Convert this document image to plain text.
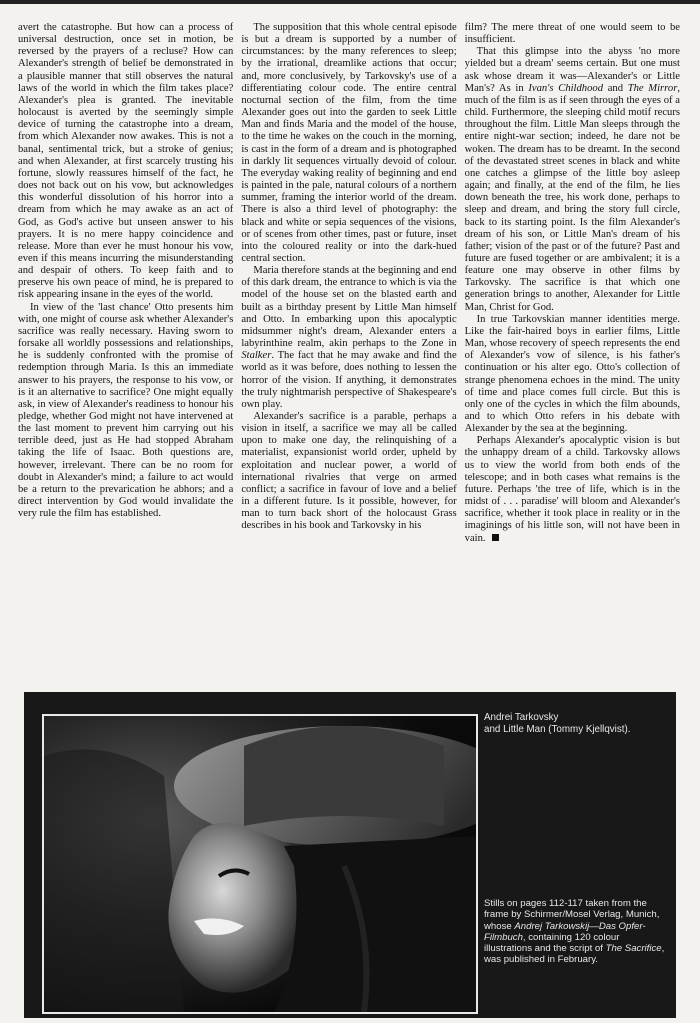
avert the catastrophe. But how can a process of universal destruction, once set in motion, be reversed by the prayers of a recluse? How can Alexander's strength of belief be demonstrated in a plausible manner that still observes the natural laws of the world in which the film takes place? Alexander's plea is granted. The inevitable holocaust is averted by the seemingly simple device of turning the catastrophe into a dream, from which Alexander now awakes. This is not a banal, sentimental trick, but a stroke of genius; and when Alexander, at first scarcely trusting his fortune, slowly reassures himself of the fact, he does not back out on his vow, but acknowledges this wonderful dissolution of his horror into a dream from which he may awake as an act of God, as God's active but unseen answer to his prayers. It is no mere happy coincidence and release. More than ever he must honour his vow, even if this means incurring the misunderstanding and despair of others. To keep faith and to preserve his own peace of mind, he is prepared to risk appearing insane in the eyes of the world.

In view of the 'last chance' Otto presents him with, one might of course ask whether Alexander's sacrifice was really necessary. Having sworn to forsake all worldly possessions and relationships, he is suddenly confronted with the promise of redemption through Maria. Is this an immediate answer to his prayers, the response to his vow, or is it an alternative to sacrifice? One might equally ask, in view of Alexander's readiness to honour his pledge, whether God might not have intervened at the last moment to prevent him carrying out his terrible deed, just as He had stopped Abraham taking the life of Isaac. Both questions are, however, irrelevant. There can be no room for doubt in Alexander's mind; a failure to act would be a return to the prevarication he abhors; and a direct intervention by God would invalidate the very rule the film has established.

The supposition that this whole central episode is but a dream is supported by a number of circumstances: by the many references to sleep; by the irrational, dreamlike actions that occur; and, more conclusively, by Tarkovsky's use of a differentiating colour code. The entire central nocturnal section of the film, from the time Alexander goes out into the garden to seek Little Man and finds Maria and the model of the house, to the time he wakes on the couch in the morning, is cast in the form of a dream and is photographed in darkly lit sequences virtually devoid of colour. The everyday waking reality of beginning and end is painted in the pale, natural colours of a northern summer, framing the interior world of the dream. There is also a third level of photography: the black and white or sepia sequences of the visions, or of scenes from other times, past or future, inset into the coloured reality or into the dark-hued central section.

Maria therefore stands at the beginning and end of this dark dream, the entrance to which is via the model of the house set on the blasted earth and built as a birthday present by Little Man himself and Otto. In embarking upon this apocalyptic midsummer night's dream, Alexander enters a labyrinthine realm, akin perhaps to the Zone in Stalker. The fact that he may awake and find the world as it was before, does nothing to lessen the horror of the vision. If anything, it demonstrates the truly nightmarish perspective of Shakespeare's own play.

Alexander's sacrifice is a parable, perhaps a vision in itself, a sacrifice we may all be called upon to make one day, the relinquishing of a materialist, expansionist world order, upheld by exploitation and nuclear power, a world of international rivalries that verge on armed conflict; a sacrifice in favour of love and a belief in a different future. Is it possible, however, for man to turn back short of the holocaust Grass describes in his book and Tarkovsky in his

film? The mere threat of one would seem to be insufficient.

That this glimpse into the abyss 'no more yielded but a dream' seems certain. But one must ask whose dream it was—Alexander's or Little Man's? As in Ivan's Childhood and The Mirror, much of the film is as if seen through the eyes of a child. Furthermore, the sleeping child motif recurs throughout the film. Little Man sleeps through the entire night-war section; indeed, he dare not be woken. The dream has to be dreamt. In the second of the devastated street scenes in black and white one catches a glimpse of the little boy asleep again; and finally, at the end of the film, he lies down beneath the tree, his work done, perhaps to sleep and dream, and bring the story full circle, back to its starting point. Is the film Alexander's dream of his son, or Little Man's dream of his father; vision of the past or of the future? Past and future are fused together or are ambivalent; it is a feature one may observe in other films by Tarkovsky. The sacrifice is that which one generation brings to another, Alexander for Little Man, Christ for God.

In true Tarkovskian manner identities merge. Like the fair-haired boys in earlier films, Little Man, whose recovery of speech represents the end of Alexander's vow of silence, is his father's continuation or his alter ego. Otto's collection of strange phenomena echoes in the mind. The unity of time and place comes full circle. But this is only one of the cycles in which the film abounds, and to which Otto refers in his debate with Alexander by the sea at the beginning.

Perhaps Alexander's apocalyptic vision is but the unhappy dream of a child. Tarkovsky allows us to view the world from both ends of the telescope; and in both cases what remains is the future. Perhaps 'the tree of life, which is in the midst of . . . paradise' will bloom and Alexander's sacrifice, whether it took place in reality or in the imaginings of his little son, will not have been in vain.

Andrei Tarkovsky
and Little Man (Tommy Kjellqvist).
Stills on pages 112-117 taken from the frame by Schirmer/Mosel Verlag, Munich, whose Andrej Tarkowskij—Das Opfer-Filmbuch, containing 120 colour illustrations and the script of The Sacrifice, was published in February.
